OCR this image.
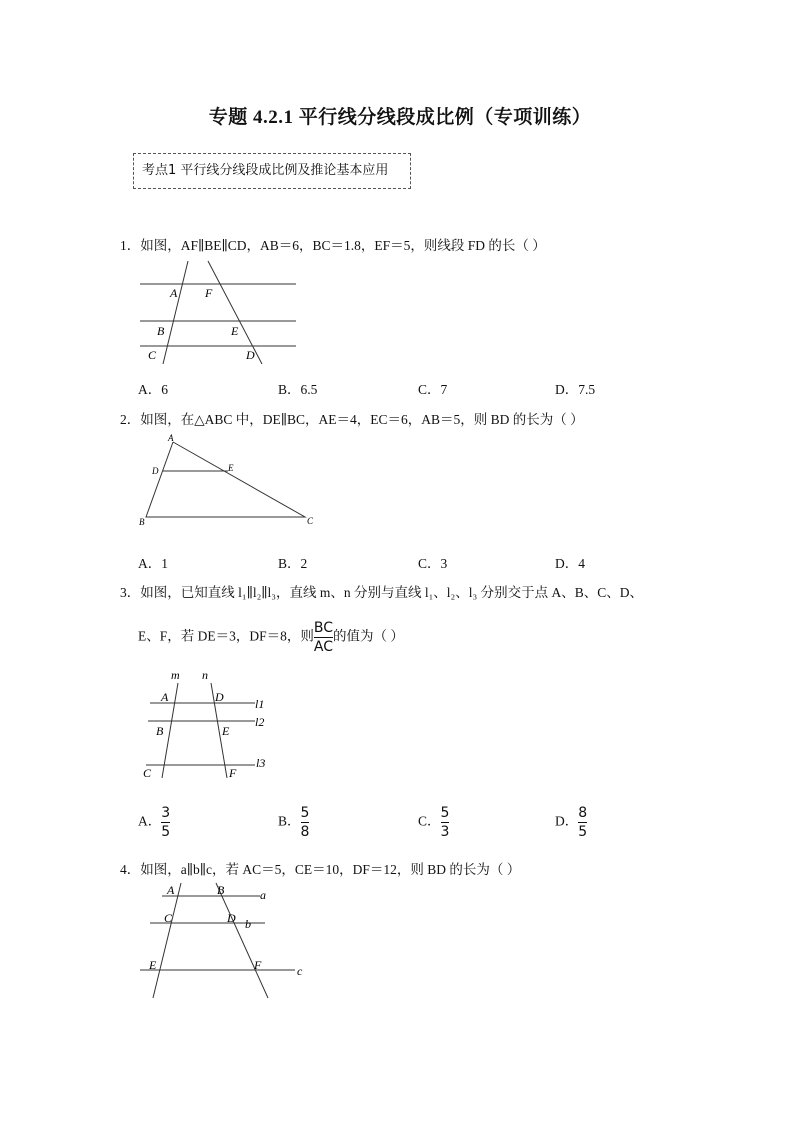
专题 4.2.1 平行线分线段成比例（专项训练）
考点1 平行线分线段成比例及推论基本应用
1．如图，AF∥BE∥CD，AB＝6，BC＝1.8，EF＝5，则线段 FD 的长（ ）
A F
B	E
C	D
A．6	B．6.5	C．7	D．7.5
2．如图，在△ABC 中，DE∥BC，AE＝4，EC＝6，AB＝5，则 BD 的长为（ ）
A
D	E
B	C
A．1	B．2	C．3	D．4
3．如图，已知直线 l₁∥l₂∥l₃，直线 m、n 分别与直线 l₁、l₂、l₃ 分别交于点 A、B、C、D、
E、F，若 DE＝3，DF＝8，则 $\frac{BC}{AC}$ 的值为（ ）
m n
A	D	l1
B	E
l2
C	F
l3
A． $\frac{3}{5}$	B． $\frac{5}{8}$	C． $\frac{5}{3}$	D． $\frac{8}{5}$
4．如图，a∥b∥c，若 AC＝5，CE＝10，DF＝12，则 BD 的长为（ ）
A	B	a
C	D b
E	F	c
